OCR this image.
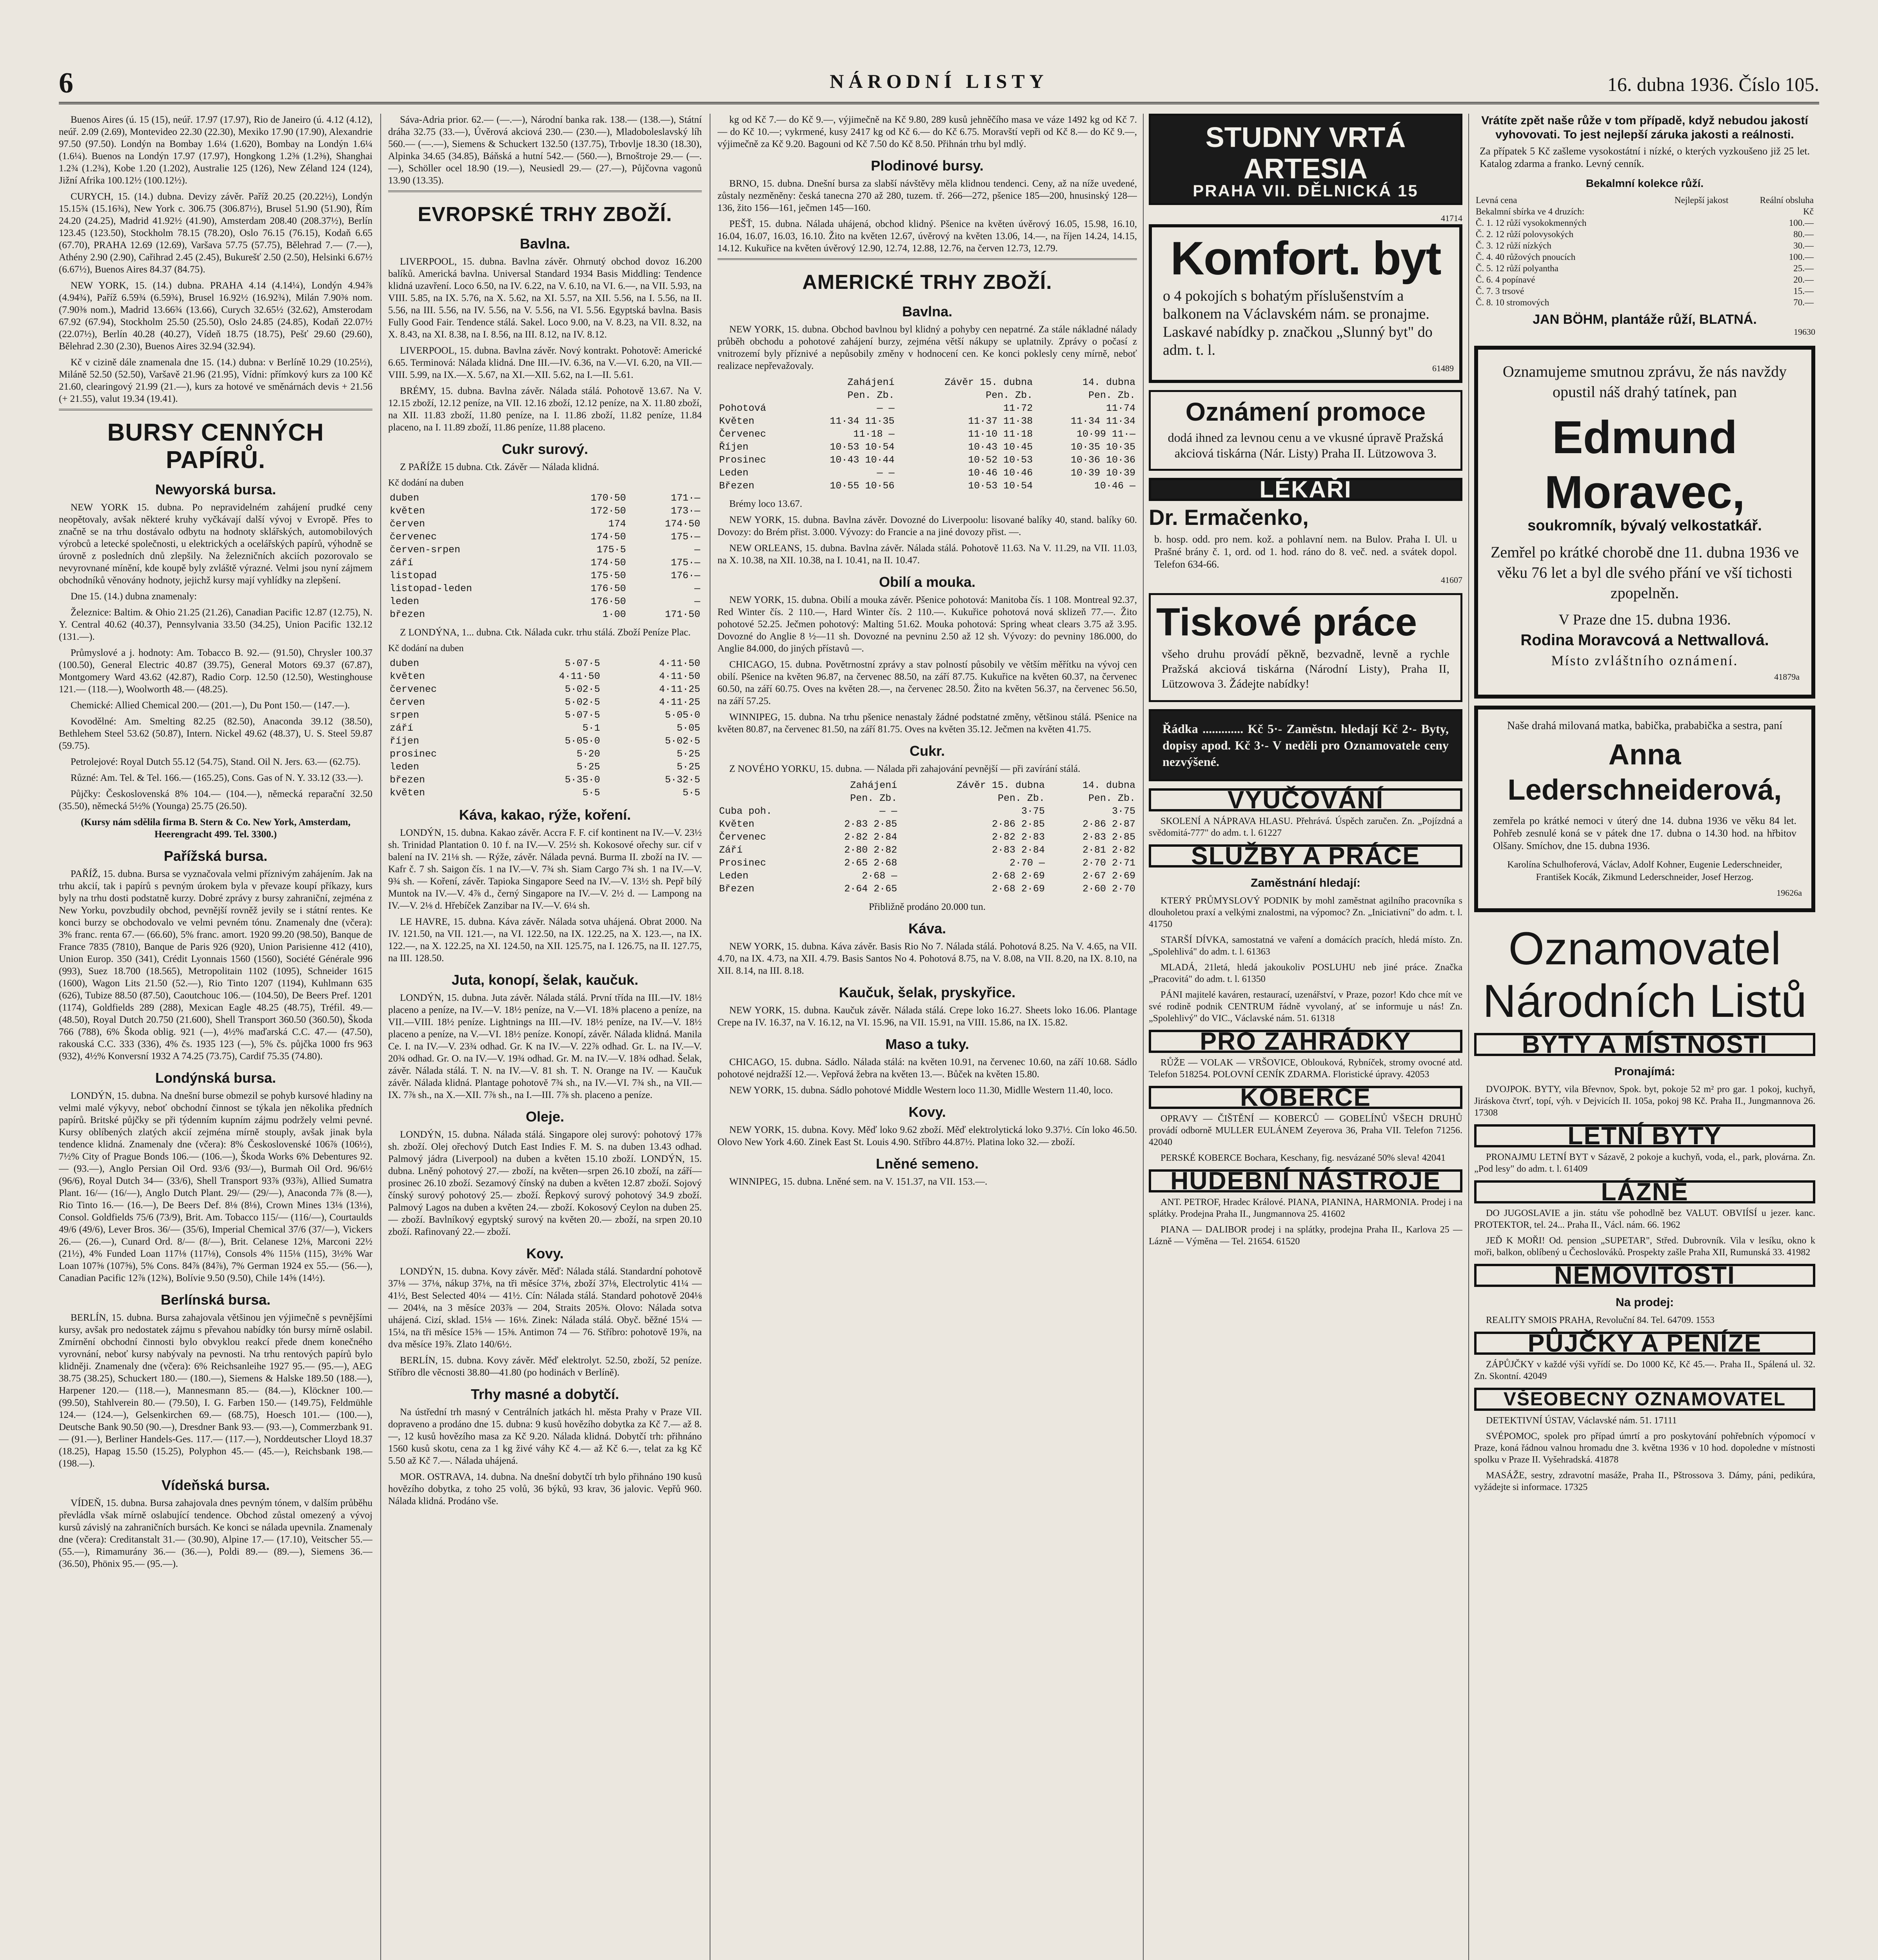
6	NÁRODNÍ LISTY	16. dubna 1936. Číslo 105.

Buenos Aires (ú. 15 (15), neúř. 17.97 (17.97), Rio de Janeiro (ú. 4.12 (4.12), neúř. 2.09 (2.69), Montevideo 22.30 (22.30), Mexiko 17.90 (17.90), Alexandrie 97.50 (97.50). Londýn na Bombay 1.6¼ (1.620), Bombay na Londýn 1.6¼ (1.6¼). Buenos na Londýn 17.97 (17.97), Hongkong 1.2⅜ (1.2⅜), Shanghai 1.2¾ (1.2¾), Kobe 1.20 (1.202), Australie 125 (126), New Zéland 124 (124), Jižní Afrika 100.12½ (100.12½).

CURYCH, 15. (14.) dubna. Devizy závěr. Paříž 20.25 (20.22½), Londýn 15.15¾ (15.16¾), New York c. 306.75 (306.87½), Brusel 51.90 (51.90), Řím 24.20 (24.25), Madrid 41.92½ (41.90), Amsterdam 208.40 (208.37½), Berlín 123.45 (123.50), Stockholm 78.15 (78.20), Oslo 76.15 (76.15), Kodaň 6.65 (67.70), PRAHA 12.69 (12.69), Varšava 57.75 (57.75), Bělehrad 7.— (7.—), Athény 2.90 (2.90), Cařihrad 2.45 (2.45), Bukurešť 2.50 (2.50), Helsinki 6.67½ (6.67½), Buenos Aires 84.37 (84.75).

NEW YORK, 15. (14.) dubna. PRAHA 4.14 (4.14¼), Londýn 4.94⅞ (4.94¾), Paříž 6.59¾ (6.59¾), Brusel 16.92½ (16.92¾), Milán 7.90⅜ nom. (7.90⅜ nom.), Madrid 13.66¾ (13.66), Curych 32.65½ (32.62), Amsterodam 67.92 (67.94), Stockholm 25.50 (25.50), Oslo 24.85 (24.85), Kodaň 22.07½ (22.07½), Berlín 40.28 (40.27), Vídeň 18.75 (18.75), Pešť 29.60 (29.60), Bělehrad 2.30 (2.30), Buenos Aires 32.94 (32.94).

Kč v cizině dále znamenala dne 15. (14.) dubna: v Berlíně 10.29 (10.25½), Miláně 52.50 (52.50), Varšavě 21.96 (21.95), Vídni: přímkový kurs za 100 Kč 21.60, clearingový 21.99 (21.—), kurs za hotové ve směnárnách devis + 21.56 (+ 21.55), valut 19.34 (19.41).

BURSY CENNÝCH PAPÍRŮ.
Newyorská bursa.

NEW YORK 15. dubna. Po nepravidelném zahájení prudké ceny neopětovaly, avšak některé kruhy vyčkávají další vývoj v Evropě. Přes to značně se na trhu dostávalo odbytu na hodnoty sklářských, automobilových výrobců a letecké společnosti, u elektrických a ocelářských papírů, výhodně se úrovně z posledních dnů zlepšily. Na železničních akciích pozorovalo se nevyrovnané mínění, kde koupě byly zvláště výrazné. Velmi jsou nyní zájmem obchodníků věnovány hodnoty, jejichž kursy mají vyhlídky na zlepšení.

Dne 15. (14.) dubna znamenaly:

Železnice: Baltim. & Ohio 21.25 (21.26), Canadian Pacific 12.87 (12.75), N. Y. Central 40.62 (40.37), Pennsylvania 33.50 (34.25), Union Pacific 132.12 (131.—).

Průmyslové a j. hodnoty: Am. Tobacco B. 92.— (91.50), Chrysler 100.37 (100.50), General Electric 40.87 (39.75), General Motors 69.37 (67.87), Montgomery Ward 43.62 (42.87), Radio Corp. 12.50 (12.50), Westinghouse 121.— (118.—), Woolworth 48.— (48.25).

Chemické: Allied Chemical 200.— (201.—), Du Pont 150.— (147.—).

Kovodělné: Am. Smelting 82.25 (82.50), Anaconda 39.12 (38.50), Bethlehem Steel 53.62 (50.87), Intern. Nickel 49.62 (48.37), U. S. Steel 59.87 (59.75).

Petrolejové: Royal Dutch 55.12 (54.75), Stand. Oil N. Jers. 63.— (62.75).

Různé: Am. Tel. & Tel. 166.— (165.25), Cons. Gas of N. Y. 33.12 (33.—).

Půjčky: Československá 8% 104.— (104.—), německá reparační 32.50 (35.50), německá 5½% (Younga) 25.75 (26.50).

(Kursy nám sdělila firma B. Stern & Co. New York, Amsterdam, Heerengracht 499. Tel. 3300.)

Pařížská bursa.

PAŘÍŽ, 15. dubna. Bursa se vyznačovala velmi příznivým zahájením. Jak na trhu akcií, tak i papírů s pevným úrokem byla v převaze koupí příkazy, kurs byly na trhu dosti podstatně kurzy. Dobré zprávy z bursy zahraniční, zejména z New Yorku, povzbudily obchod, pevnější rovněž jevily se i státní rentes. Ke konci burzy se obchodovalo ve velmi pevném tónu. Znamenaly dne (včera): 3% franc. renta 67.— (66.60), 5% franc. amort. 1920 99.20 (98.50), Banque de France 7835 (7810), Banque de Paris 926 (920), Union Parisienne 412 (410), Union Europ. 350 (341), Crédit Lyonnais 1560 (1560), Société Générale 996 (993), Suez 18.700 (18.565), Metropolitain 1102 (1095), Schneider 1615 (1600), Wagon Lits 21.50 (52.—), Rio Tinto 1207 (1194), Kuhlmann 635 (626), Tubize 88.50 (87.50), Caoutchouc 106.— (104.50), De Beers Pref. 1201 (1174), Goldfields 289 (288), Mexican Eagle 48.25 (48.75), Tréfil. 49.— (48.50), Royal Dutch 20.750 (21.600), Shell Transport 360.50 (360.50), Škoda 766 (788), 6% Škoda oblig. 921 (—), 4½% maďarská C.C. 47.— (47.50), rakouská C.C. 333 (336), 4% čs. 1935 123 (—), 5% čs. půjčka 1000 frs 963 (932), 4½% Konversní 1932 A 74.25 (73.75), Cardif 75.35 (74.80).

Londýnská bursa.

LONDÝN, 15. dubna. Na dnešní burse obmezil se pohyb kursové hladiny na velmi malé výkyvy, neboť obchodní činnost se týkala jen několika předních papírů. Britské půjčky se při týdenním kupním zájmu podržely velmi pevné. Kursy oblíbených zlatých akcií zejména mírně stouply, avšak jinak byla tendence klidná. Znamenaly dne (včera): 8% Československé 106⅞ (106½), 7½% City of Prague Bonds 106.— (106.—), Škoda Works 6% Debentures 92.— (93.—), Anglo Persian Oil Ord. 93/6 (93/—), Burmah Oil Ord. 96/6½ (96/6), Royal Dutch 34— (33/6), Shell Transport 93⅞ (93⅞), Allied Sumatra Plant. 16/— (16/—), Anglo Dutch Plant. 29/— (29/—), Anaconda 7⅞ (8.—), Rio Tinto 16.— (16.—), De Beers Def. 8⅛ (8⅛), Crown Mines 13⅛ (13⅛), Consol. Goldfields 75/6 (73/9), Brit. Am. Tobacco 115/— (116/—), Courtaulds 49/6 (49/6), Lever Bros. 36/— (35/6), Imperial Chemical 37/6 (37/—), Vickers 26.— (26.—), Cunard Ord. 8/— (8/—), Brit. Celanese 12⅛, Marconi 22½ (21½), 4% Funded Loan 117⅛ (117⅛), Consols 4% 115⅛ (115), 3½% War Loan 107⅝ (107⅝), 5% Cons. 84⅞ (84⅞), 7% German 1924 ex 55.— (56.—), Canadian Pacific 12⅞ (12¾), Bolívie 9.50 (9.50), Chile 14⅝ (14½).

Berlínská bursa.

BERLÍN, 15. dubna. Bursa zahajovala většinou jen výjimečně s pevnějšími kursy, avšak pro nedostatek zájmu s převahou nabídky tón bursy mírně oslabil. Zmírnění obchodní činnosti bylo obvyklou reakcí přede dnem konečného vyrovnání, neboť kursy nabývaly na pevnosti. Na trhu rentových papírů bylo klidněji. Znamenaly dne (včera): 6% Reichsanleihe 1927 95.— (95.—), AEG 38.75 (38.25), Schuckert 180.— (180.—), Siemens & Halske 189.50 (188.—), Harpener 120.— (118.—), Mannesmann 85.— (84.—), Klöckner 100.— (99.50), Stahlverein 80.— (79.50), I. G. Farben 150.— (149.75), Feldmühle 124.— (124.—), Gelsenkirchen 69.— (68.75), Hoesch 101.— (100.—), Deutsche Bank 90.50 (90.—), Dresdner Bank 93.— (93.—), Commerzbank 91.— (91.—), Berliner Handels-Ges. 117.— (117.—), Norddeutscher Lloyd 18.37 (18.25), Hapag 15.50 (15.25), Polyphon 45.— (45.—), Reichsbank 198.— (198.—).

Vídeňská bursa.

VÍDEŇ, 15. dubna. Bursa zahajovala dnes pevným tónem, v dalším průběhu převládla však mírně oslabující tendence. Obchod zůstal omezený a vývoj kursů závislý na zahraničních bursách. Ke konci se nálada upevnila. Znamenaly dne (včera): Creditanstalt 31.— (30.90), Alpine 17.— (17.10), Veitscher 55.— (55.—), Rimamurány 36.— (36.—), Poldi 89.— (89.—), Siemens 36.— (36.50), Phönix 95.— (95.—).

Sáva-Adria prior. 62.— (—.—), Národní banka rak. 138.— (138.—), Státní dráha 32.75 (33.—), Úvěrová akciová 230.— (230.—), Mladoboleslavský líh 560.— (—.—), Siemens & Schuckert 132.50 (137.75), Trbovlje 18.30 (18.30), Alpinka 34.65 (34.85), Báňská a hutní 542.— (560.—), Brnoštroje 29.— (—.—), Schöller ocel 18.90 (19.—), Neusiedl 29.— (27.—), Půjčovna vagonů 13.90 (13.35).

EVROPSKÉ TRHY ZBOŽÍ.
Bavlna.

LIVERPOOL, 15. dubna. Bavlna závěr. Ohrnutý obchod dovoz 16.200 balíků. Americká bavlna. Universal Standard 1934 Basis Middling: Tendence klidná uzavření. Loco 6.50, na IV. 6.22, na V. 6.10, na VI. 6.—, na VII. 5.93, na VIII. 5.85, na IX. 5.76, na X. 5.62, na XI. 5.57, na XII. 5.56, na I. 5.56, na II. 5.56, na III. 5.56, na IV. 5.56, na V. 5.56, na VI. 5.56. Egyptská bavlna. Basis Fully Good Fair. Tendence stálá. Sakel. Loco 9.00, na V. 8.23, na VII. 8.32, na X. 8.43, na XI. 8.38, na I. 8.56, na III. 8.12, na IV. 8.12.

LIVERPOOL, 15. dubna. Bavlna závěr. Nový kontrakt. Pohotově: Americké 6.65. Terminová: Nálada klidná. Dne III.—IV. 6.36, na V.—VI. 6.20, na VII.—VIII. 5.99, na IX.—X. 5.67, na XI.—XII. 5.62, na I.—II. 5.61.

BRÉMY, 15. dubna. Bavlna závěr. Nálada stálá. Pohotově 13.67. Na V. 12.15 zboží, 12.12 peníze, na VII. 12.16 zboží, 12.12 peníze, na X. 11.80 zboží, na XII. 11.83 zboží, 11.80 peníze, na I. 11.86 zboží, 11.82 peníze, 11.84 placeno, na I. 11.89 zboží, 11.86 peníze, 11.88 placeno.

Cukr surový.

Z PAŘÍŽE 15 dubna. Ctk. Závěr — Nálada klidná.

Kč dodání na duben
duben	170·50	171·—
květen	172·50	173·—
červen	174	174·50
červenec	174·50	175·—
červen-srpen	175·5	—
září	174·50	175·—
listopad	175·50	176·—
listopad-leden	176·50	—
leden	176·50	—
březen	1·00	171·50

Z LONDÝNA, 1... dubna. Ctk. Nálada cukr. trhu stálá. Zboží Peníze Plac.

Kč dodání na duben
duben	5·07·5	4·11·50
květen	4·11·50	4·11·50
červenec	5·02·5	4·11·25
červen	5·02·5	4·11·25
srpen	5·07·5	5·05·0
září	5·1	5·05
říjen	5·05·0	5·02·5
prosinec	5·20	5·25
leden	5·25	5·25
březen	5·35·0	5·32·5
květen	5·5	5·5
Káva, kakao, rýže, koření.

LONDÝN, 15. dubna. Kakao závěr. Accra F. F. cif kontinent na IV.—V. 23½ sh. Trinidad Plantation 0. 10 f. na IV.—V. 25½ sh. Kokosové ořechy sur. cif v balení na IV. 21⅛ sh. — Rýže, závěr. Nálada pevná. Burma II. zboží na IV. — Kafr č. 7 sh. Saigon čís. 1 na IV.—V. 7¾ sh. Siam Cargo 7¾ sh. 1 na IV.—V. 9¾ sh. — Koření, závěr. Tapioka Singapore Seed na IV.—V. 13½ sh. Pepř bílý Muntok na IV.—V. 4⅞ d., černý Singapore na IV.—V. 2½ d. — Lampong na IV.—V. 2⅛ d. Hřebíček Zanzibar na IV.—V. 6¼ sh.

LE HAVRE, 15. dubna. Káva závěr. Nálada sotva uhájená. Obrat 2000. Na IV. 121.50, na VII. 121.—, na VI. 122.50, na IX. 122.25, na X. 123.—, na IX. 122.—, na X. 122.25, na XI. 124.50, na XII. 125.75, na I. 126.75, na II. 127.75, na III. 128.50.

Juta, konopí, šelak, kaučuk.

LONDÝN, 15. dubna. Juta závěr. Nálada stálá. První třída na III.—IV. 18½ placeno a peníze, na IV.—V. 18½ peníze, na V.—VI. 18⅜ placeno a peníze, na VII.—VIII. 18½ peníze. Lightnings na III.—IV. 18½ peníze, na IV.—V. 18½ placeno a peníze, na V.—VI. 18½ peníze. Konopí, závěr. Nálada klidná. Manila Ce. I. na IV.—V. 23¾ odhad. Gr. K na IV.—V. 22⅞ odhad. Gr. L. na IV.—V. 20¾ odhad. Gr. O. na IV.—V. 19¾ odhad. Gr. M. na IV.—V. 18¾ odhad. Šelak, závěr. Nálada stálá. T. N. na IV.—V. 81 sh. T. N. Orange na IV. — Kaučuk závěr. Nálada klidná. Plantage pohotově 7¾ sh., na IV.—VI. 7¾ sh., na VII.—IX. 7⅞ sh., na X.—XII. 7⅞ sh., na I.—III. 7⅞ sh. placeno a peníze.

Oleje.

LONDÝN, 15. dubna. Nálada stálá. Singapore olej surový: pohotový 17⅞ sh. zboží. Olej ořechový Dutch East Indies F. M. S. na duben 13.43 odhad. Palmový jádra (Liverpool) na duben a květen 15.10 zboží. LONDÝN, 15. dubna. Lněný pohotový 27.— zboží, na květen—srpen 26.10 zboží, na září—prosinec 26.10 zboží. Sezamový čínský na duben a květen 12.87 zboží. Sojový čínský surový pohotový 25.— zboží. Řepkový surový pohotový 34.9 zboží. Palmový Lagos na duben a květen 24.— zboží. Kokosový Ceylon na duben 25.— zboží. Bavlníkový egyptský surový na květen 20.— zboží, na srpen 20.10 zboží. Rafinovaný 22.— zboží.

Kovy.

LONDÝN, 15. dubna. Kovy závěr. Měď: Nálada stálá. Standardní pohotově 37⅛ — 37⅛, nákup 37⅛, na tři měsíce 37⅛, zboží 37⅛, Electrolytic 41¼ — 41½, Best Selected 40¼ — 41½. Cín: Nálada stálá. Standard pohotově 204⅛ — 204⅛, na 3 měsíce 203⅞ — 204, Straits 205⅜. Olovo: Nálada sotva uhájená. Cizí, sklad. 15⅛ — 16⅛. Zinek: Nálada stálá. Obyč. běžné 15¼ — 15¼, na tři měsíce 15⅜ — 15⅜. Antimon 74 — 76. Stříbro: pohotově 19⅞, na dva měsíce 19⅞. Zlato 140/6½.

BERLÍN, 15. dubna. Kovy závěr. Měď elektrolyt. 52.50, zboží, 52 peníze. Stříbro dle věcnosti 38.80—41.80 (po hodinách v Berlíně).

Trhy masné a dobytčí.

Na ústřední trh masný v Centrálních jatkách hl. města Prahy v Praze VII. dopraveno a prodáno dne 15. dubna: 9 kusů hovězího dobytka za Kč 7.— až 8.—, 12 kusů hovězího masa za Kč 9.20. Nálada klidná. Dobytčí trh: přihnáno 1560 kusů skotu, cena za 1 kg živé váhy Kč 4.— až Kč 6.—, telat za kg Kč 5.50 až Kč 7.—. Nálada uhájená.

MOR. OSTRAVA, 14. dubna. Na dnešní dobytčí trh bylo přihnáno 190 kusů hovězího dobytka, z toho 25 volů, 36 býků, 93 krav, 36 jalovic. Vepřů 960. Nálada klidná. Prodáno vše.

kg od Kč 7.— do Kč 9.—, výjimečně na Kč 9.80, 289 kusů jehněčího masa ve váze 1492 kg od Kč 7.— do Kč 10.—; vykrmené, kusy 2417 kg od Kč 6.— do Kč 6.75. Moravští vepři od Kč 8.— do Kč 9.—, výjimečně za Kč 9.20. Bagouni od Kč 7.50 do Kč 8.50. Přihnán trhu byl mdlý.

Plodinové bursy.

BRNO, 15. dubna. Dnešní bursa za slabší návštěvy měla klidnou tendenci. Ceny, až na níže uvedené, zůstaly nezměněny: česká tanecna 270 až 280, tuzem. tř. 266—272, pšenice 185—200, hnusinský 128—136, žito 156—161, ječmen 145—160.

PEŠŤ, 15. dubna. Nálada uhájená, obchod klidný. Pšenice na květen úvěrový 16.05, 15.98, 16.10, 16.04, 16.07, 16.03, 16.10. Žito na květen 12.67, úvěrový na květen 13.06, 14.—, na říjen 14.24, 14.15, 14.12. Kukuřice na květen úvěrový 12.90, 12.74, 12.88, 12.76, na červen 12.73, 12.79.

AMERICKÉ TRHY ZBOŽÍ.
Bavlna.

NEW YORK, 15. dubna. Obchod bavlnou byl klidný a pohyby cen nepatrné. Za stále nákladné nálady průběh obchodu a pohotové zahájení burzy, zejména větší nákupy se uplatnily. Zprávy o počasí z vnitrozemí byly příznivé a nepůsobily změny v hodnocení cen. Ke konci poklesly ceny mírně, neboť realizace nepřevažovaly.

	Zahájení	Závěr 15. dubna	14. dubna
	Pen. Zb.	Pen. Zb.	Pen. Zb.
Pohotová	— —	11·72	11·74
Květen	11·34 11·35	11·37 11·38	11·34 11·34
Červenec	11·18 —	11·10 11·18	10·99 11·—
Říjen	10·53 10·54	10·43 10·45	10·35 10·35
Prosinec	10·43 10·44	10·52 10·53	10·36 10·36
Leden	— —	10·46 10·46	10·39 10·39
Březen	10·55 10·56	10·53 10·54	10·46 —

Brémy loco 13.67.

NEW YORK, 15. dubna. Bavlna závěr. Dovozné do Liverpoolu: lisované balíky 40, stand. balíky 60. Dovozy: do Brém přist. 3.000. Vývozy: do Francie a na jiné dovozy přist. —.

NEW ORLEANS, 15. dubna. Bavlna závěr. Nálada stálá. Pohotově 11.63. Na V. 11.29, na VII. 11.03, na X. 10.38, na XII. 10.38, na I. 10.41, na II. 10.47.

Obilí a mouka.

NEW YORK, 15. dubna. Obilí a mouka závěr. Pšenice pohotová: Manitoba čís. 1 108. Montreal 92.37, Red Winter čís. 2 110.—, Hard Winter čís. 2 110.—. Kukuřice pohotová nová sklizeň 77.—. Žito pohotové 52.25. Ječmen pohotový: Malting 51.62. Mouka pohotová: Spring wheat clears 3.75 až 3.95. Dovozné do Anglie 8 ½—11 sh. Dovozné na pevninu 2.50 až 12 sh. Vývozy: do pevniny 186.000, do Anglie 84.000, do jiných přístavů —.

CHICAGO, 15. dubna. Povětrnostní zprávy a stav polností působily ve větším měřítku na vývoj cen obilí. Pšenice na květen 96.87, na červenec 88.50, na září 87.75. Kukuřice na květen 60.37, na červenec 60.50, na září 60.75. Oves na květen 28.—, na červenec 28.50. Žito na květen 56.37, na červenec 56.50, na září 57.25.

WINNIPEG, 15. dubna. Na trhu pšenice nenastaly žádné podstatné změny, většinou stálá. Pšenice na květen 80.87, na červenec 81.50, na září 81.75. Oves na květen 35.12. Ječmen na květen 41.75.

Cukr.

Z NOVÉHO YORKU, 15. dubna. — Nálada při zahajování pevnější — při zavírání stálá.

	Zahájení	Závěr 15. dubna	14. dubna
	Pen. Zb.	Pen. Zb.	Pen. Zb.
Cuba poh.	— —	3·75	3·75
Květen	2·83 2·85	2·86 2·85	2·86 2·87
Červenec	2·82 2·84	2·82 2·83	2·83 2·85
Září	2·80 2·82	2·83 2·84	2·81 2·82
Prosinec	2·65 2·68	2·70 —	2·70 2·71
Leden	2·68 —	2·68 2·69	2·67 2·69
Březen	2·64 2·65	2·68 2·69	2·60 2·70

Přibližně prodáno 20.000 tun.

Káva.

NEW YORK, 15. dubna. Káva závěr. Basis Rio No 7. Nálada stálá. Pohotová 8.25. Na V. 4.65, na VII. 4.70, na IX. 4.73, na XII. 4.79. Basis Santos No 4. Pohotová 8.75, na V. 8.08, na VII. 8.20, na IX. 8.10, na XII. 8.14, na III. 8.18.

Kaučuk, šelak, pryskyřice.

NEW YORK, 15. dubna. Kaučuk závěr. Nálada stálá. Crepe loko 16.27. Sheets loko 16.06. Plantage Crepe na IV. 16.37, na V. 16.12, na VI. 15.96, na VII. 15.91, na VIII. 15.86, na IX. 15.82.

Maso a tuky.

CHICAGO, 15. dubna. Sádlo. Nálada stálá: na květen 10.91, na červenec 10.60, na září 10.68. Sádlo pohotové nejdražší 12.—. Vepřová žebra na květen 13.—. Bůček na květen 15.80.

NEW YORK, 15. dubna. Sádlo pohotové Middle Western loco 11.30, Midlle Western 11.40, loco.

Kovy.

NEW YORK, 15. dubna. Kovy. Měď loko 9.62 zboží. Měď elektrolytická loko 9.37½. Cín loko 46.50. Olovo New York 4.60. Zinek East St. Louis 4.90. Stříbro 44.87½. Platina loko 32.— zboží.

Lněné semeno.

WINNIPEG, 15. dubna. Lněné sem. na V. 151.37, na VII. 153.—.

STUDNY VRTÁ ARTESIA
PRAHA VII. DĚLNICKÁ 15
41714
Komfort. byt
o 4 pokojích s bohatým příslušenstvím a balkonem na Václavském nám. se pronajme. Laskavé nabídky p. značkou „Slunný byt" do adm. t. l.
61489
Oznámení promoce
dodá ihned za levnou cenu a ve vkusné úpravě Pražská akciová tiskárna (Nár. Listy) Praha II. Lützowova 3.
LÉKAŘI
Dr. Ermačenko,
b. hosp. odd. pro nem. kož. a pohlavní nem. na Bulov. Praha I. Ul. u Prašné brány č. 1, ord. od 1. hod. ráno do 8. več. ned. a svátek dopol. Telefon 634-66.
41607
Tiskové práce
všeho druhu provádí pěkně, bezvadně, levně a rychle Pražská akciová tiskárna (Národní Listy), Praha II, Lützowova 3. Žádejte nabídky!
Řádka ............. Kč 5·- Zaměstn. hledají Kč 2·- Byty, dopisy apod. Kč 3·- V neděli pro Oznamovatele ceny nezvýšené.
VYUČOVÁNÍ

SKOLENÍ A NÁPRAVA HLASU. Přehrává. Úspěch zaručen. Zn. „Pojízdná a svědomitá-777" do adm. t. l. 61227

SLUŽBY A PRÁCE
Zaměstnání hledají:

KTERÝ PRŮMYSLOVÝ PODNIK by mohl zaměstnat agilního pracovníka s dlouholetou praxí a velkými znalostmi, na výpomoc? Zn. „Iniciativní" do adm. t. l. 41750

STARŠÍ DÍVKA, samostatná ve vaření a domácích pracích, hledá místo. Zn. „Spolehlivá" do adm. t. l. 61363

MLADÁ, 21letá, hledá jakoukoliv POSLUHU neb jiné práce. Značka „Pracovitá" do adm. t. l. 61350

PÁNI majitelé kaváren, restaurací, uzenářství, v Praze, pozor! Kdo chce mít ve své rodině podnik CENTRUM řádně vyvolaný, ať se informuje u nás! Zn. „Spolehlivý" do VIC., Václavské nám. 51. 61318

PRO ZAHRÁDKY

RŮŽE — VOLAK — VRŠOVICE, Oblouková, Rybníček, stromy ovocné atd. Telefon 518254. POLOVNÍ CENÍK ZDARMA. Floristické úpravy. 42053

KOBERCE

OPRAVY — ČIŠTĚNÍ — KOBERCŮ — GOBELÍNŮ VŠECH DRUHŮ provádí odborně MULLER EULÁNEM Zeyerova 36, Praha VII. Telefon 71256. 42040

PERSKÉ KOBERCE Bochara, Keschany, fig. nesvázané 50% sleva! 42041

HUDEBNÍ NÁSTROJE

ANT. PETROF, Hradec Králové. PIANA, PIANINA, HARMONIA. Prodej i na splátky. Prodejna Praha II., Jungmannova 25. 41602

PIANA — DALIBOR prodej i na splátky, prodejna Praha II., Karlova 25 — Lázně — Výměna — Tel. 21654. 61520

Vrátíte zpět naše růže v tom případě, když nebudou jakostí vyhovovati. To jest nejlepší záruka jakosti a reálnosti.
Za přípatek 5 Kč zašleme vysokostátní i nízké, o kterých vyzkoušeno již 25 let. Katalog zdarma a franko. Levný cenník.
Bekalmní kolekce růží.
Levná cena	Nejlepší jakost	Reální obsluha
Bekalmní sbírka ve 4 druzích:		Kč
Č. 1. 12 růží vysokokmenných		100.—
Č. 2. 12 růží polovysokých		80.—
Č. 3. 12 růží nízkých		30.—
Č. 4. 40 růžových pnoucích		100.—
Č. 5. 12 růží polyantha		25.—
Č. 6. 4 popínavé		20.—
Č. 7. 3 trsové		15.—
Č. 8. 10 stromových		70.—
JAN BÖHM, plantáže růží, BLATNÁ.
19630
Oznamujeme smutnou zprávu, že nás navždy opustil náš drahý tatínek, pan
Edmund Moravec,
soukromník, bývalý velkostatkář.
Zemřel po krátké chorobě dne 11. dubna 1936 ve věku 76 let a byl dle svého přání ve vší tichosti zpopelněn.
V Praze dne 15. dubna 1936.
Rodina Moravcová a Nettwallová.
Místo zvláštního oznámení.
41879a
Naše drahá milovaná matka, babička, prababička a sestra, paní
Anna Lederschneiderová,
zemřela po krátké nemoci v úterý dne 14. dubna 1936 ve věku 84 let. Pohřeb zesnulé koná se v pátek dne 17. dubna o 14.30 hod. na hřbitov Olšany. Smíchov, dne 15. dubna 1936.
Karolína Schulhoferová, Václav, Adolf Kohner, Eugenie Lederschneider, František Kocák, Zikmund Lederschneider, Josef Herzog.
19626a
Oznamovatel
Národních Listů
BYTY A MÍSTNOSTI
Pronajímá:

DVOJPOK. BYTY, vila Břevnov, Spok. byt, pokoje 52 m² pro gar. 1 pokoj, kuchyň, Jiráskova čtvrť, topí, výh. v Dejvicích II. 105a, pokoj 98 Kč. Praha II., Jungmannova 26. 17308

LETNÍ BYTY

PRONAJMU LETNÍ BYT v Sázavě, 2 pokoje a kuchyň, voda, el., park, plovárna. Zn. „Pod lesy" do adm. t. l. 61409

LÁZNĚ

DO JUGOSLAVIE a jin. státu vše pohodlně bez VALUT. OBVIÍSÍ u jezer. kanc. PROTEKTOR, tel. 24... Praha II., Václ. nám. 66. 1962

JEĎ K MOŘI! Od. pension „SUPETAR", Střed. Dubrovník. Vila v lesíku, okno k moři, balkon, oblíbený u Čechoslováků. Prospekty zašle Praha XII, Rumunská 33. 41982

NEMOVITOSTI
Na prodej:

REALITY SMOIS PRAHA, Revoluční 84. Tel. 64709. 1553

PŮJČKY A PENÍZE

ZÁPŮJČKY v každé výši vyřídí se. Do 1000 Kč, Kč 45.—. Praha II., Spálená ul. 32. Zn. Skontní. 42049

VŠEOBECNÝ OZNAMOVATEL

DETEKTIVNÍ ÚSTAV, Václavské nám. 51. 17111

SVÉPOMOC, spolek pro případ úmrtí a pro poskytování pohřebních výpomocí v Praze, koná řádnou valnou hromadu dne 3. května 1936 v 10 hod. dopoledne v místnosti spolku v Praze II. Vyšehradská. 41878

MASÁŽE, sestry, zdravotní masáže, Praha II., Pštrossova 3. Dámy, páni, pedikúra, vyžádejte si informace. 17325
